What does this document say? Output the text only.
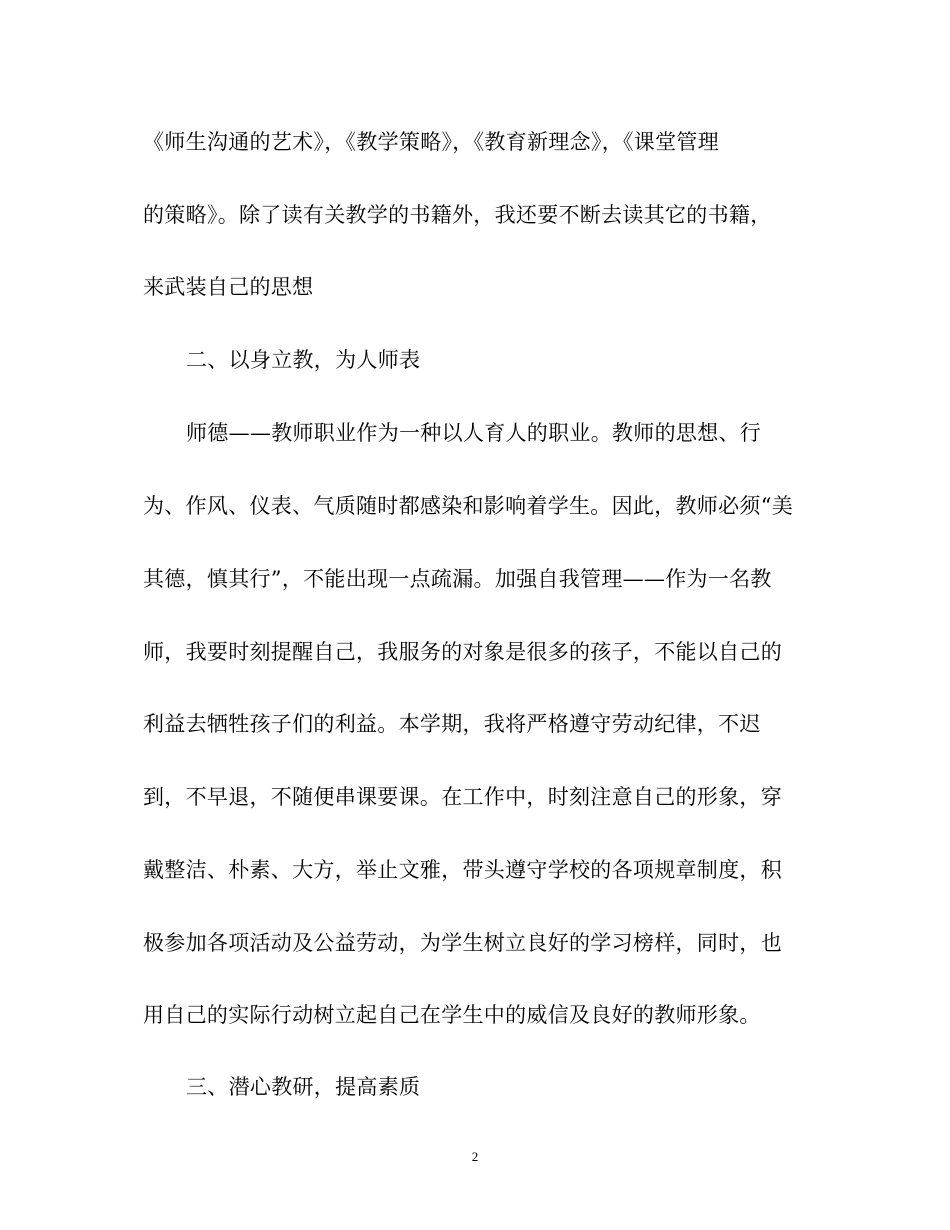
《师生沟通的艺术》，《教学策略》，《教育新理念》，《课堂管理
的策略》。除了读有关教学的书籍外，我还要不断去读其它的书籍，
来武装自己的思想
二、以身立教，为人师表
师德——教师职业作为一种以人育人的职业。教师的思想、行
为、作风、仪表、气质随时都感染和影响着学生。因此，教师必须“美
其德，慎其行”，不能出现一点疏漏。加强自我管理——作为一名教
师，我要时刻提醒自己，我服务的对象是很多的孩子，不能以自己的
利益去牺牲孩子们的利益。本学期，我将严格遵守劳动纪律，不迟
到，不早退，不随便串课要课。在工作中，时刻注意自己的形象，穿
戴整洁、朴素、大方，举止文雅，带头遵守学校的各项规章制度，积
极参加各项活动及公益劳动，为学生树立良好的学习榜样，同时，也
用自己的实际行动树立起自己在学生中的威信及良好的教师形象。
三、潜心教研，提高素质
2
